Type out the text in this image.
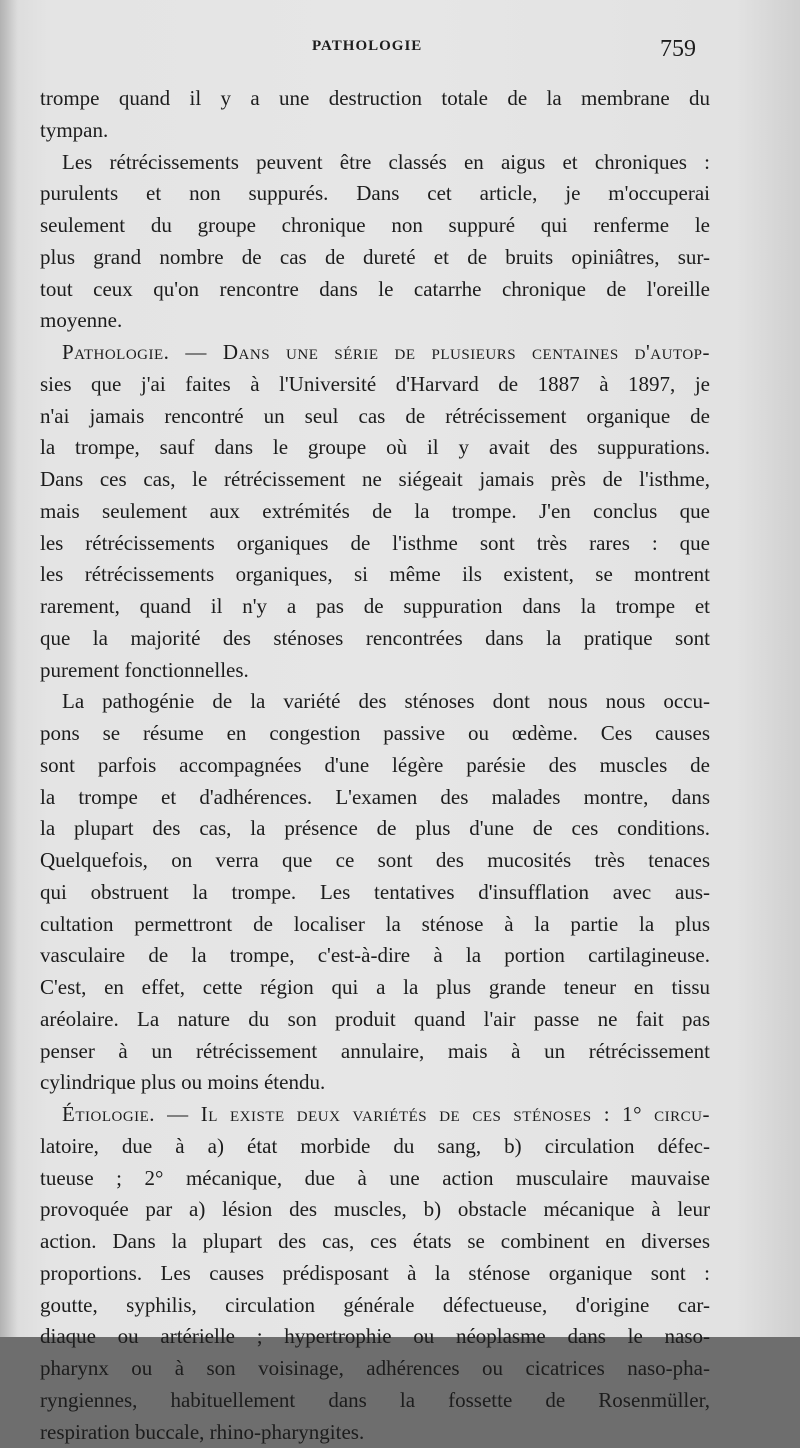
PATHOLOGIE	759
trompe quand il y a une destruction totale de la membrane du
tympan.
Les rétrécissements peuvent être classés en aigus et chroniques :
purulents et non suppurés. Dans cet article, je m'occuperai
seulement du groupe chronique non suppuré qui renferme le
plus grand nombre de cas de dureté et de bruits opiniâtres, sur-
tout ceux qu'on rencontre dans le catarrhe chronique de l'oreille
moyenne.
Pathologie. — Dans une série de plusieurs centaines d'autop-
sies que j'ai faites à l'Université d'Harvard de 1887 à 1897, je
n'ai jamais rencontré un seul cas de rétrécissement organique de
la trompe, sauf dans le groupe où il y avait des suppurations.
Dans ces cas, le rétrécissement ne siégeait jamais près de l'isthme,
mais seulement aux extrémités de la trompe. J'en conclus que
les rétrécissements organiques de l'isthme sont très rares : que
les rétrécissements organiques, si même ils existent, se montrent
rarement, quand il n'y a pas de suppuration dans la trompe et
que la majorité des sténoses rencontrées dans la pratique sont
purement fonctionnelles.
La pathogénie de la variété des sténoses dont nous nous occu-
pons se résume en congestion passive ou œdème. Ces causes
sont parfois accompagnées d'une légère parésie des muscles de
la trompe et d'adhérences. L'examen des malades montre, dans
la plupart des cas, la présence de plus d'une de ces conditions.
Quelquefois, on verra que ce sont des mucosités très tenaces
qui obstruent la trompe. Les tentatives d'insufflation avec aus-
cultation permettront de localiser la sténose à la partie la plus
vasculaire de la trompe, c'est-à-dire à la portion cartilagineuse.
C'est, en effet, cette région qui a la plus grande teneur en tissu
aréolaire. La nature du son produit quand l'air passe ne fait pas
penser à un rétrécissement annulaire, mais à un rétrécissement
cylindrique plus ou moins étendu.
Étiologie. — Il existe deux variétés de ces sténoses : 1° circu-
latoire, due à a) état morbide du sang, b) circulation défec-
tueuse ; 2° mécanique, due à une action musculaire mauvaise
provoquée par a) lésion des muscles, b) obstacle mécanique à leur
action. Dans la plupart des cas, ces états se combinent en diverses
proportions. Les causes prédisposant à la sténose organique sont :
goutte, syphilis, circulation générale défectueuse, d'origine car-
diaque ou artérielle ; hypertrophie ou néoplasme dans le naso-
pharynx ou à son voisinage, adhérences ou cicatrices naso-pha-
ryngiennes, habituellement dans la fossette de Rosenmüller,
respiration buccale, rhino-pharyngites.
